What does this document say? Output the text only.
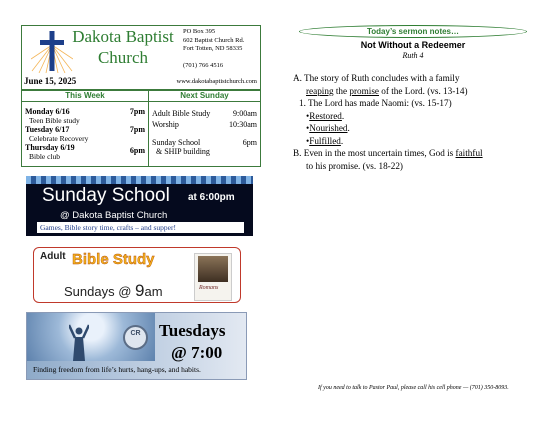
Dakota Baptist
Church
PO Box 395
602 Baptist Church Rd.
Fort Totten, ND 58335
(701) 766 4516
June 15, 2025	www.dakotabaptistchurch.com
This Week
Monday 6/16	7pm
Teen Bible study
Tuesday 6/17	7pm
Celebrate Recovery
Thursday 6/19	6pm
Bible club
Next Sunday
Adult Bible Study	9:00am
Worship	10:30am
Sunday School	6pm
& SHIP building
Sunday School at 6:00pm
@ Dakota Baptist Church
Games, Bible story time, crafts – and supper!
Adult Bible Study
Sundays @ 9am	Romans
CR	Tuesdays
@ 7:00
Finding freedom from life’s hurts, hang-ups, and habits.
Today’s sermon notes…
Not Without a Redeemer
Ruth 4
A. The story of Ruth concludes with a family
reaping the promise of the Lord. (vs. 13-14)
1. The Lord has made Naomi: (vs. 15-17)
•Restored.
•Nourished.
•Fulfilled.
B. Even in the most uncertain times, God is faithful
to his promise. (vs. 18-22)
If you need to talk to Pastor Paul, please call his cell phone — (701) 350-8093.
